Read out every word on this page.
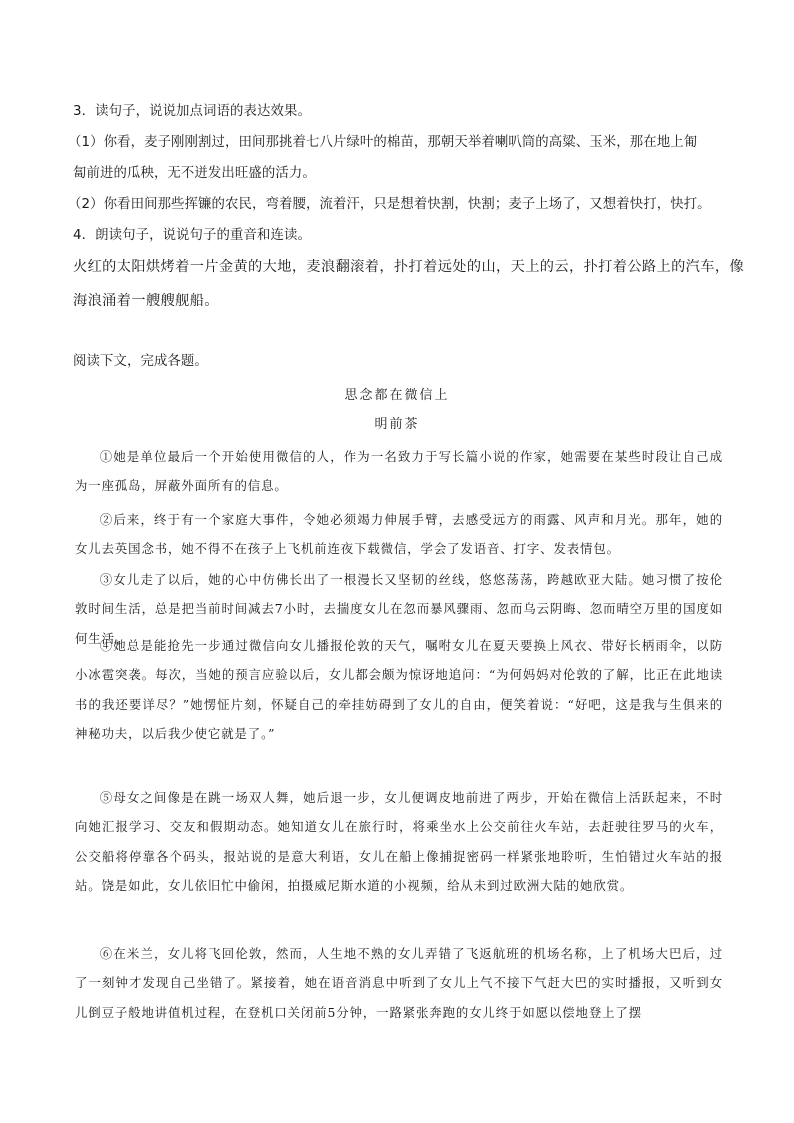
3．读句子，说说加点词语的表达效果。
（1）你看，麦子刚刚割过，田间那挑着七八片绿叶的棉苗，那朝天举着喇叭筒的高粱、玉米，那在地上匍
匐前进的瓜秧，无不迸发出旺盛的活力。
（2）你看田间那些挥镰的农民，弯着腰，流着汗，只是想着快割，快割；麦子上场了，又想着快打，快打。
4．朗读句子，说说句子的重音和连读。
火红的太阳烘烤着一片金黄的大地，麦浪翻滚着，扑打着远处的山，天上的云，扑打着公路上的汽车，像
海浪涌着一艘艘舰船。
阅读下文，完成各题。
思念都在微信上
明前茶
①她是单位最后一个开始使用微信的人，作为一名致力于写长篇小说的作家，她需要在某些时段让自己成为一座孤岛，屏蔽外面所有的信息。
②后来，终于有一个家庭大事件，令她必须竭力伸展手臂，去感受远方的雨露、风声和月光。那年，她的女儿去英国念书，她不得不在孩子上飞机前连夜下载微信，学会了发语音、打字、发表情包。
③女儿走了以后，她的心中仿佛长出了一根漫长又坚韧的丝线，悠悠荡荡，跨越欧亚大陆。她习惯了按伦敦时间生活，总是把当前时间减去7小时，去揣度女儿在忽而暴风骤雨、忽而乌云阴晦、忽而晴空万里的国度如何生活。
④她总是能抢先一步通过微信向女儿播报伦敦的天气，嘱咐女儿在夏天要换上风衣、带好长柄雨伞，以防小冰雹突袭。每次，当她的预言应验以后，女儿都会颇为惊讶地追问：“为何妈妈对伦敦的了解，比正在此地读书的我还要详尽？”她愣怔片刻，怀疑自己的牵挂妨碍到了女儿的自由，便笑着说：“好吧，这是我与生俱来的神秘功夫，以后我少使它就是了。”
⑤母女之间像是在跳一场双人舞，她后退一步，女儿便调皮地前进了两步，开始在微信上活跃起来，不时向她汇报学习、交友和假期动态。她知道女儿在旅行时，将乘坐水上公交前往火车站，去赶驶往罗马的火车，公交船将停靠各个码头，报站说的是意大利语，女儿在船上像捕捉密码一样紧张地聆听，生怕错过火车站的报站。饶是如此，女儿依旧忙中偷闲，拍摄威尼斯水道的小视频，给从未到过欧洲大陆的她欣赏。
⑥在米兰，女儿将飞回伦敦，然而，人生地不熟的女儿弄错了飞返航班的机场名称，上了机场大巴后，过了一刻钟才发现自己坐错了。紧接着，她在语音消息中听到了女儿上气不接下气赶大巴的实时播报，又听到女儿倒豆子般地讲值机过程，在登机口关闭前5分钟，一路紧张奔跑的女儿终于如愿以偿地登上了摆
